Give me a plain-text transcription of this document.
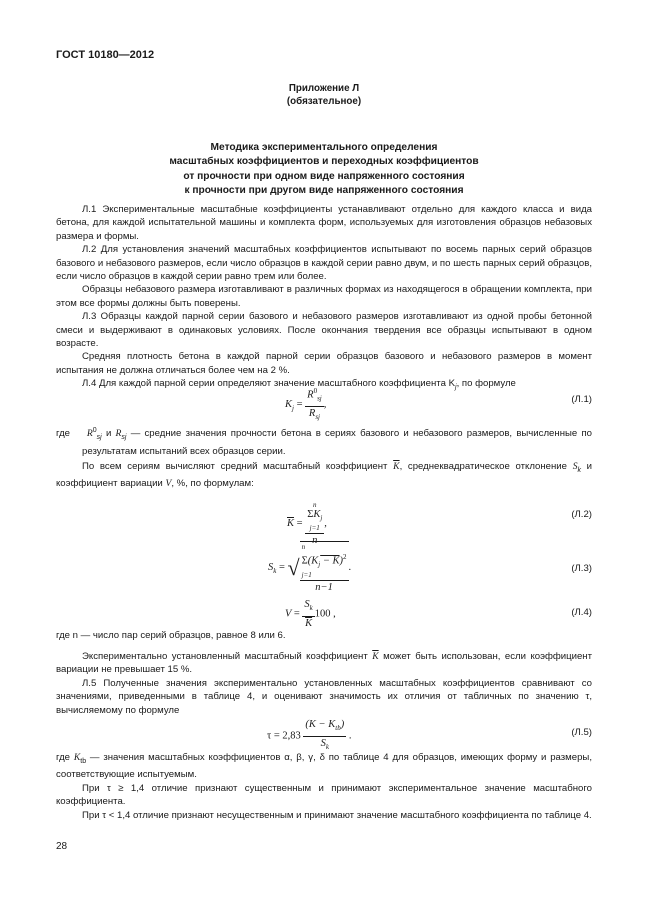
ГОСТ 10180—2012
Приложение Л
(обязательное)
Методика экспериментального определения
масштабных коэффициентов и переходных коэффициентов
от прочности при одном виде напряженного состояния
к прочности при другом виде напряженного состояния

Л.1 Экспериментальные масштабные коэффициенты устанавливают отдельно для каждого класса и вида бетона, для каждой испытательной машины и комплекта форм, используемых для изготовления образцов небазовых размера и формы.

Л.2 Для установления значений масштабных коэффициентов испытывают по восемь парных серий образцов базового и небазового размеров, если число образцов в каждой серии равно двум, и по шесть парных серий образцов, если число образцов в каждой серии равно трем или более.

Образцы небазового размера изготавливают в различных формах из находящегося в обращении комплекта, при этом все формы должны быть поверены.

Л.3 Образцы каждой парной серии базового и небазового размеров изготавливают из одной пробы бетонной смеси и выдерживают в одинаковых условиях. После окончания твердения все образцы испытывают в одном возрасте.

Средняя плотность бетона в каждой парной серии образцов базового и небазового размеров в момент испытания не должна отличаться более чем на 2 %.

Л.4 Для каждой парной серии определяют значение масштабного коэффициента $K_j$, по формуле

$K_j = \frac{R^0_{sj}}{R_{sj}}$ ,	(Л.1)
где $R^0_{sj}$ и $R_{sj}$ — средние значения прочности бетона в сериях базового и небазового размеров, вычисленные по результатам испытаний всех образцов серии.

По всем сериям вычисляют средний масштабный коэффициент $\overline{K}$, среднеквадратическое отклонение $S_k$ и коэффициент вариации V, %, по формулам:

$\overline{K} = n$
$\Sigma K_j$
j=1
n ,
(Л.2)
$S_k$ = √ n
$\Sigma(K_j - K)^2$
j=1
n−1 .	(Л.3)
$V = \frac{S_k}{K} 100$ ,	(Л.4)
где n — число пар серий образцов, равное 8 или 6.

Экспериментально установленный масштабный коэффициент $\overline{K}$ может быть использован, если коэффициент вариации не превышает 15 %.

Л.5 Полученные значения экспериментально установленных масштабных коэффициентов сравнивают со значениями, приведенными в таблице 4, и оценивают значимость их отличия от табличных по значению τ, вычисляемому по формуле

$\tau = 2,83 \frac{(K - K_{tb})}{S_k}$ .	(Л.5)

где $K_{tb}$ — значения масштабных коэффициентов α, β, γ, δ по таблице 4 для образцов, имеющих форму и размеры, соответствующие испытуемым.

При τ ≥ 1,4 отличие признают существенным и принимают экспериментальное значение масштабного коэффициента.

При τ < 1,4 отличие признают несущественным и принимают значение масштабного коэффициента по таблице 4.

28
